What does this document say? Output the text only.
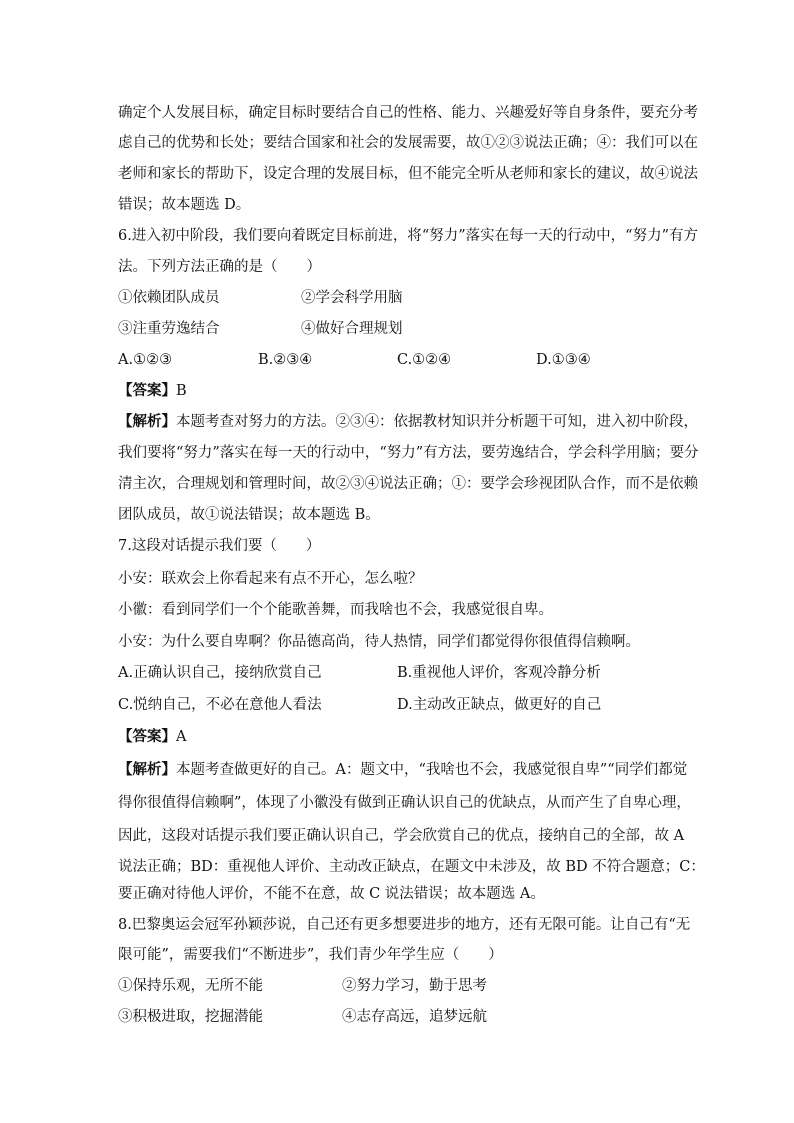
确定个人发展目标，确定目标时要结合自己的性格、能力、兴趣爱好等自身条件，要充分考
虑自己的优势和长处；要结合国家和社会的发展需要，故①②③说法正确；④：我们可以在
老师和家长的帮助下，设定合理的发展目标，但不能完全听从老师和家长的建议，故④说法
错误；故本题选 D。
6.进入初中阶段，我们要向着既定目标前进，将“努力”落实在每一天的行动中，“努力”有方
法。下列方法正确的是（　　）
①依赖团队成员	②学会科学用脑
③注重劳逸结合	④做好合理规划
A.①②③	B.②③④	C.①②④	D.①③④
【答案】B
【解析】本题考查对努力的方法。②③④：依据教材知识并分析题干可知，进入初中阶段，
我们要将“努力”落实在每一天的行动中，“努力”有方法，要劳逸结合，学会科学用脑；要分
清主次，合理规划和管理时间，故②③④说法正确；①：要学会珍视团队合作，而不是依赖
团队成员，故①说法错误；故本题选 B。
7.这段对话提示我们要（　　）
小安：联欢会上你看起来有点不开心，怎么啦？
小徽：看到同学们一个个能歌善舞，而我啥也不会，我感觉很自卑。
小安：为什么要自卑啊？你品德高尚，待人热情，同学们都觉得你很值得信赖啊。
A.正确认识自己，接纳欣赏自己	B.重视他人评价，客观冷静分析
C.悦纳自己，不必在意他人看法	D.主动改正缺点，做更好的自己
【答案】A
【解析】本题考查做更好的自己。A：题文中，“我啥也不会，我感觉很自卑”“同学们都觉
得你很值得信赖啊”，体现了小徽没有做到正确认识自己的优缺点，从而产生了自卑心理，
因此，这段对话提示我们要正确认识自己，学会欣赏自己的优点，接纳自己的全部，故 A
说法正确；BD：重视他人评价、主动改正缺点，在题文中未涉及，故 BD 不符合题意；C：
要正确对待他人评价，不能不在意，故 C 说法错误；故本题选 A。
8.巴黎奥运会冠军孙颖莎说，自己还有更多想要进步的地方，还有无限可能。让自己有“无
限可能”，需要我们“不断进步”，我们青少年学生应（　　）
①保持乐观，无所不能	②努力学习，勤于思考
③积极进取，挖掘潜能	④志存高远，追梦远航
